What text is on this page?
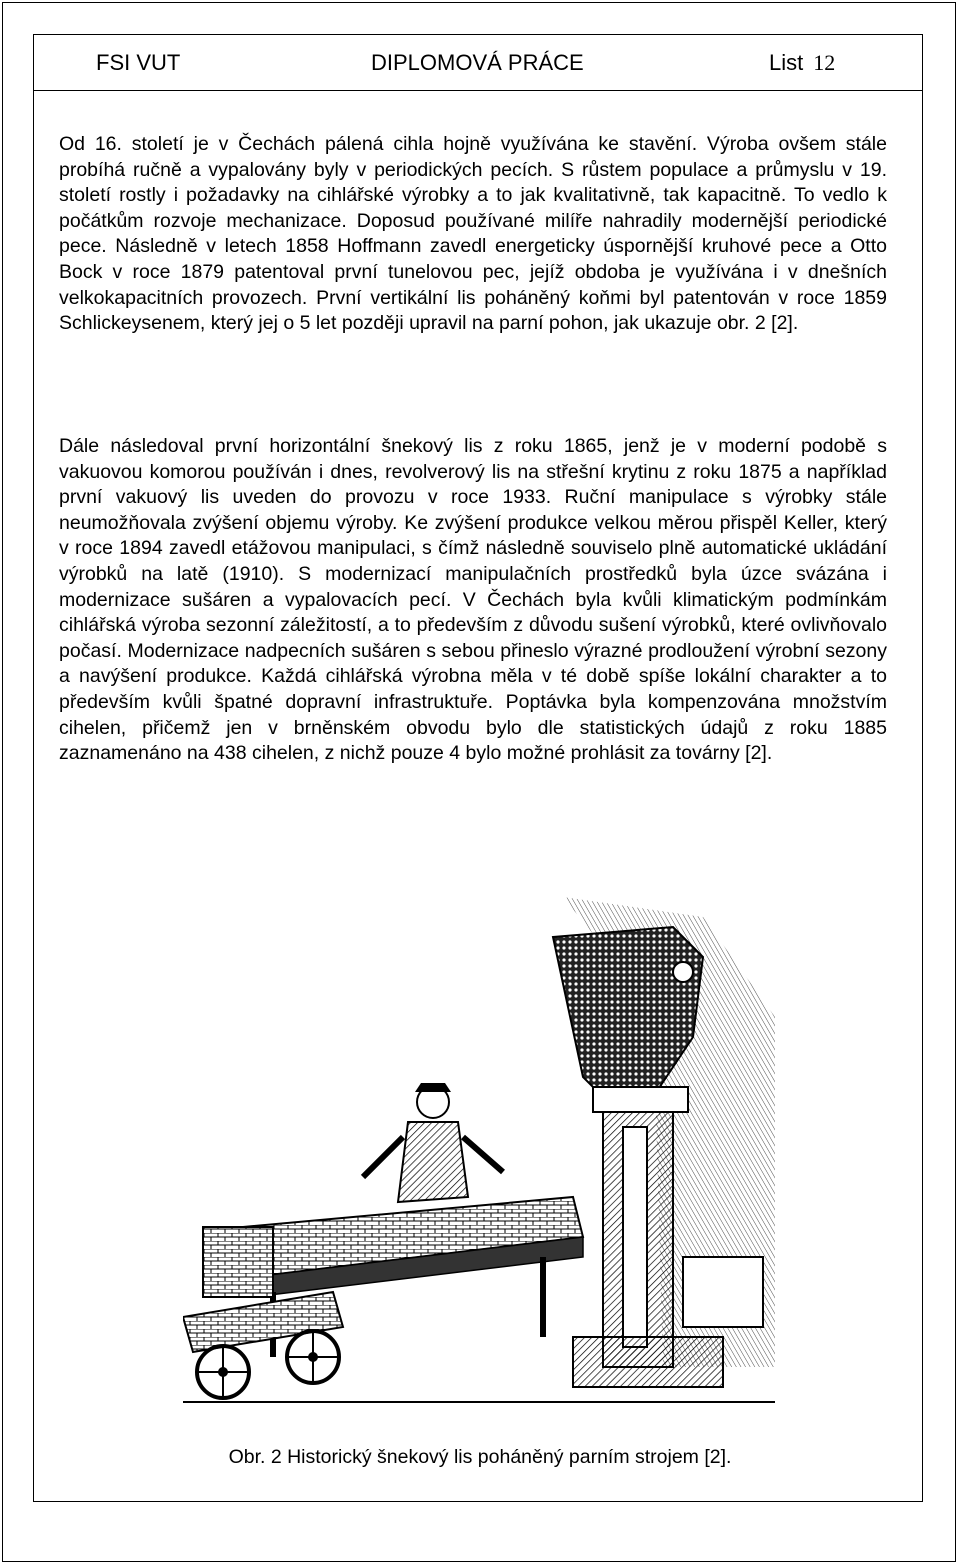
FSI VUT	DIPLOMOVÁ PRÁCE	List 12

Od 16. století je v Čechách pálená cihla hojně využívána ke stavění. Výroba ovšem stále probíhá ručně a vypalovány byly v periodických pecích. S růstem populace a průmyslu v 19. století rostly i požadavky na cihlářské výrobky a to jak kvalitativně, tak kapacitně. To vedlo k počátkům rozvoje mechanizace. Doposud používané milíře nahradily modernější periodické pece. Následně v letech 1858 Hoffmann zavedl energeticky úspornější kruhové pece a Otto Bock v roce 1879 patentoval první tunelovou pec, jejíž obdoba je využívána i v dnešních velkokapacitních provozech. První vertikální lis poháněný koňmi byl patentován v roce 1859 Schlickeysenem, který jej o 5 let později upravil na parní pohon, jak ukazuje obr. 2 [2].

Dále následoval první horizontální šnekový lis z roku 1865, jenž je v moderní podobě s vakuovou komorou používán i dnes, revolverový lis na střešní krytinu z roku 1875 a například první vakuový lis uveden do provozu v roce 1933. Ruční manipulace s výrobky stále neumožňovala zvýšení objemu výroby. Ke zvýšení produkce velkou měrou přispěl Keller, který v roce 1894 zavedl etážovou manipulaci, s čímž následně souviselo plně automatické ukládání výrobků na latě (1910). S modernizací manipulačních prostředků byla úzce svázána i modernizace sušáren a vypalovacích pecí. V Čechách byla kvůli klimatickým podmínkám cihlářská výroba sezonní záležitostí, a to především z důvodu sušení výrobků, které ovlivňovalo počasí. Modernizace nadpecních sušáren s sebou přineslo výrazné prodloužení výrobní sezony a navýšení produkce. Každá cihlářská výrobna měla v té době spíše lokální charakter a to především kvůli špatné dopravní infrastruktuře. Poptávka byla kompenzována množstvím cihelen, přičemž jen v brněnském obvodu bylo dle statistických údajů z roku 1885 zaznamenáno na 438 cihelen, z nichž pouze 4 bylo možné prohlásit za továrny [2].

Obr. 2 Historický šnekový lis poháněný parním strojem [2].
